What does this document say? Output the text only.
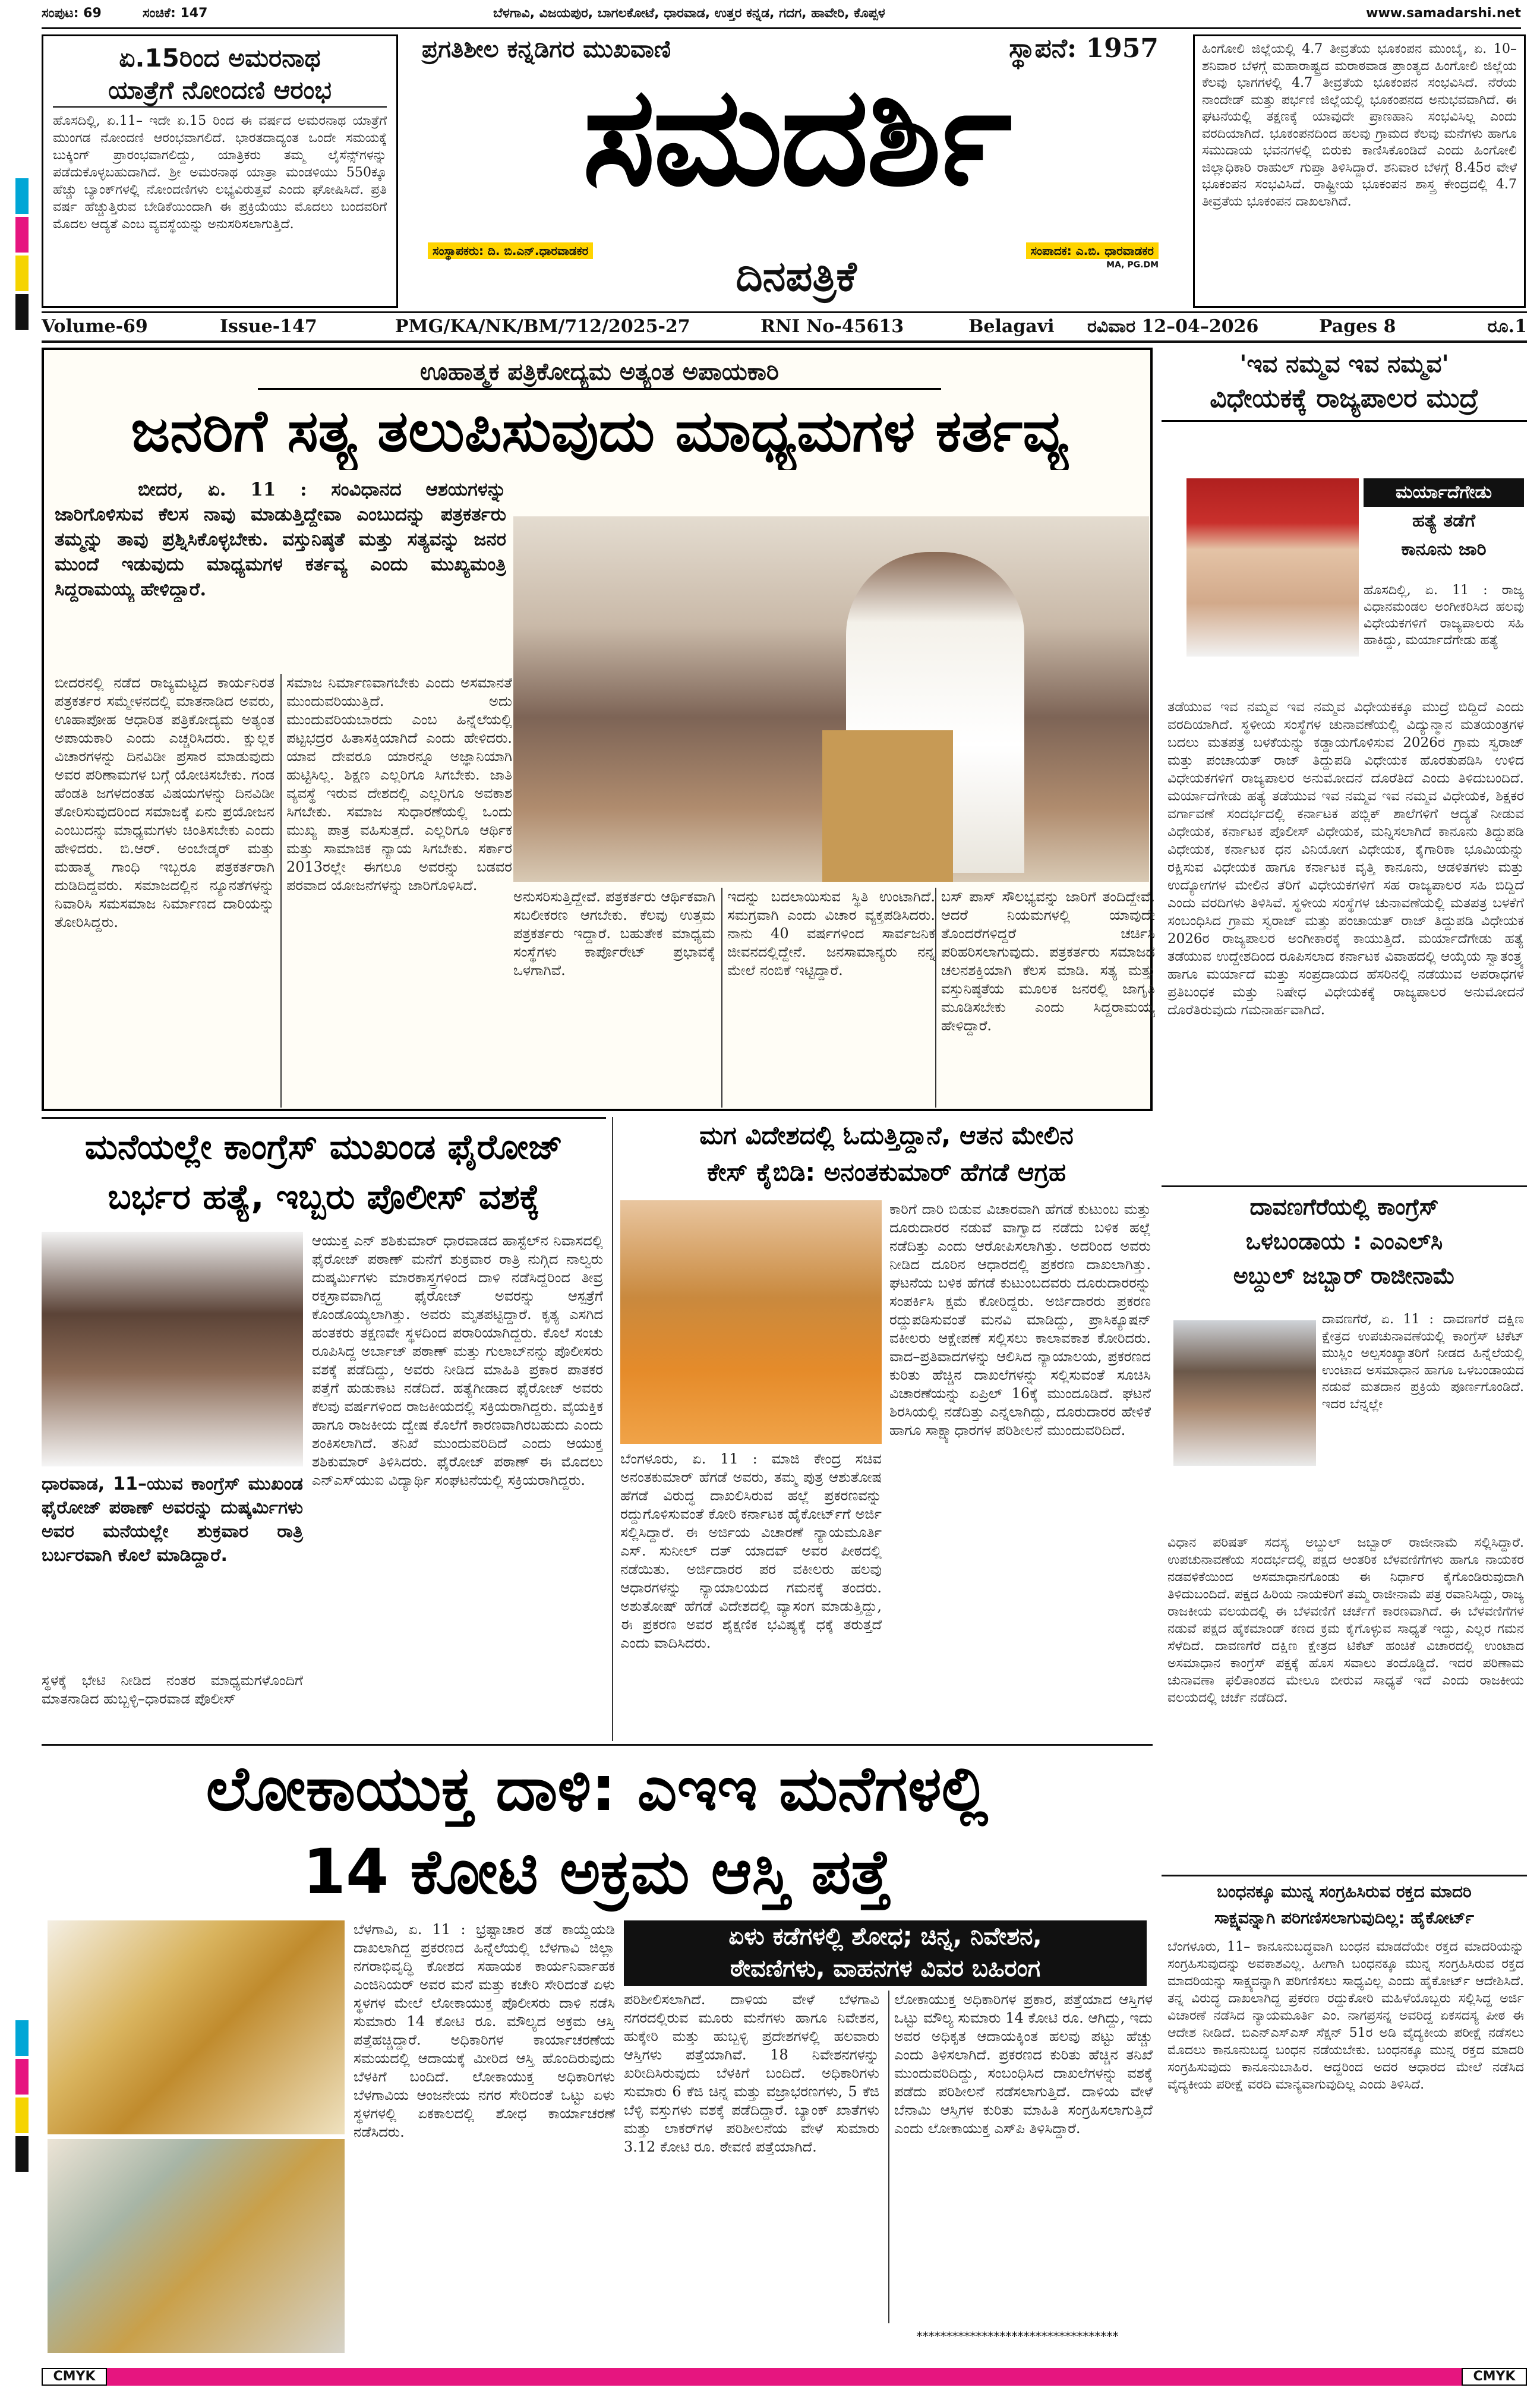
ಸಂಪುಟ: 69	ಸಂಚಿಕೆ: 147	ಬೆಳಗಾವಿ, ವಿಜಯಪುರ, ಬಾಗಲಕೋಟೆ, ಧಾರವಾಡ, ಉತ್ತರ ಕನ್ನಡ, ಗದಗ, ಹಾವೇರಿ, ಕೊಪ್ಪಳ	www.samadarshi.net
ಏ.15ರಿಂದ ಅಮರನಾಥ
ಯಾತ್ರೆಗೆ ನೋಂದಣಿ ಆರಂಭ
ಹೊಸದಿಲ್ಲಿ, ಏ.11– ಇದೇ ಏ.15 ರಿಂದ ಈ ವರ್ಷದ ಅಮರನಾಥ ಯಾತ್ರೆಗೆ ಮುಂಗಡ ನೋಂದಣಿ ಆರಂಭವಾಗಲಿದೆ. ಭಾರತದಾದ್ಯಂತ ಒಂದೇ ಸಮಯಕ್ಕೆ ಬುಕ್ಕಿಂಗ್ ಪ್ರಾರಂಭವಾಗಲಿದ್ದು, ಯಾತ್ರಿಕರು ತಮ್ಮ ಲೈಸೆನ್ಸ್‌ಗಳನ್ನು ಪಡೆದುಕೊಳ್ಳಬಹುದಾಗಿದೆ. ಶ್ರೀ ಅಮರನಾಥ ಯಾತ್ರಾ ಮಂಡಳಿಯು 550ಕ್ಕೂ ಹೆಚ್ಚು ಬ್ಯಾಂಕ್‌ಗಳಲ್ಲಿ ನೋಂದಣಿಗಳು ಲಭ್ಯವಿರುತ್ತವೆ ಎಂದು ಘೋಷಿಸಿದೆ. ಪ್ರತಿ ವರ್ಷ ಹೆಚ್ಚುತ್ತಿರುವ ಬೇಡಿಕೆಯಿಂದಾಗಿ ಈ ಪ್ರಕ್ರಿಯೆಯು ಮೊದಲು ಬಂದವರಿಗೆ ಮೊದಲ ಆದ್ಯತೆ ಎಂಬ ವ್ಯವಸ್ಥೆಯನ್ನು ಅನುಸರಿಸಲಾಗುತ್ತಿದೆ.
ಪ್ರಗತಿಶೀಲ ಕನ್ನಡಿಗರ ಮುಖವಾಣಿ	ಸ್ಥಾಪನೆ: 1957
ಸಮದರ್ಶಿ
ಸಂಸ್ಥಾಪಕರು: ದಿ. ಬಿ.ಎನ್.ಧಾರವಾಡಕರ	ಸಂಪಾದಕ: ಎ.ಬಿ. ಧಾರವಾಡಕರ
MA, PG.DM
ದಿನಪತ್ರಿಕೆ
ಹಿಂಗೋಲಿ ಜಿಲ್ಲೆಯಲ್ಲಿ 4.7 ತೀವ್ರತೆಯ ಭೂಕಂಪನ ಮುಂಬೈ, ಏ. 10– ಶನಿವಾರ ಬೆಳಗ್ಗೆ ಮಹಾರಾಷ್ಟ್ರದ ಮರಾಠವಾಡ ಪ್ರಾಂತ್ಯದ ಹಿಂಗೋಲಿ ಜಿಲ್ಲೆಯ ಕೆಲವು ಭಾಗಗಳಲ್ಲಿ 4.7 ತೀವ್ರತೆಯ ಭೂಕಂಪನ ಸಂಭವಿಸಿದೆ. ನೆರೆಯ ನಾಂದೇಡ್ ಮತ್ತು ಪರ್ಭಣಿ ಜಿಲ್ಲೆಯಲ್ಲಿ ಭೂಕಂಪನದ ಅನುಭವವಾಗಿದೆ. ಈ ಘಟನೆಯಲ್ಲಿ ತಕ್ಷಣಕ್ಕೆ ಯಾವುದೇ ಪ್ರಾಣಹಾನಿ ಸಂಭವಿಸಿಲ್ಲ ಎಂದು ವರದಿಯಾಗಿದೆ. ಭೂಕಂಪನದಿಂದ ಹಲವು ಗ್ರಾಮದ ಕೆಲವು ಮನೆಗಳು ಹಾಗೂ ಸಮುದಾಯ ಭವನಗಳಲ್ಲಿ ಬಿರುಕು ಕಾಣಿಸಿಕೊಂಡಿದೆ ಎಂದು ಹಿಂಗೋಲಿ ಜಿಲ್ಲಾಧಿಕಾರಿ ರಾಹುಲ್ ಗುಪ್ತಾ ತಿಳಿಸಿದ್ದಾರೆ. ಶನಿವಾರ ಬೆಳಗ್ಗೆ 8.45ರ ವೇಳೆ ಭೂಕಂಪನ ಸಂಭವಿಸಿದೆ. ರಾಷ್ಟ್ರೀಯ ಭೂಕಂಪನ ಶಾಸ್ತ್ರ ಕೇಂದ್ರದಲ್ಲಿ 4.7 ತೀವ್ರತೆಯ ಭೂಕಂಪನ ದಾಖಲಾಗಿದೆ.
Volume-69	Issue-147	PMG/KA/NK/BM/712/2025-27	RNI No-45613	Belagavi ರವಿವಾರ 12–04–2026	Pages 8	ರೂ.1
ಊಹಾತ್ಮಕ ಪತ್ರಿಕೋದ್ಯಮ ಅತ್ಯಂತ ಅಪಾಯಕಾರಿ
ಜನರಿಗೆ ಸತ್ಯ ತಲುಪಿಸುವುದು ಮಾಧ್ಯಮಗಳ ಕರ್ತವ್ಯ
ಬೀದರ, ಏ. 11 : ಸಂವಿಧಾನದ ಆಶಯಗಳನ್ನು ಜಾರಿಗೊಳಿಸುವ ಕೆಲಸ ನಾವು ಮಾಡುತ್ತಿದ್ದೇವಾ ಎಂಬುದನ್ನು ಪತ್ರಕರ್ತರು ತಮ್ಮನ್ನು ತಾವು ಪ್ರಶ್ನಿಸಿಕೊಳ್ಳಬೇಕು. ವಸ್ತುನಿಷ್ಠತೆ ಮತ್ತು ಸತ್ಯವನ್ನು ಜನರ ಮುಂದೆ ಇಡುವುದು ಮಾಧ್ಯಮಗಳ ಕರ್ತವ್ಯ ಎಂದು ಮುಖ್ಯಮಂತ್ರಿ ಸಿದ್ದರಾಮಯ್ಯ ಹೇಳಿದ್ದಾರೆ.
ಬೀದರನಲ್ಲಿ ನಡೆದ ರಾಜ್ಯಮಟ್ಟದ ಕಾರ್ಯನಿರತ ಪತ್ರಕರ್ತರ ಸಮ್ಮೇಳನದಲ್ಲಿ ಮಾತನಾಡಿದ ಅವರು, ಊಹಾಪೋಹ ಆಧಾರಿತ ಪತ್ರಿಕೋದ್ಯಮ ಅತ್ಯಂತ ಅಪಾಯಕಾರಿ ಎಂದು ಎಚ್ಚರಿಸಿದರು. ಕ್ಷುಲ್ಲಕ ವಿಚಾರಗಳನ್ನು ದಿನವಿಡೀ ಪ್ರಸಾರ ಮಾಡುವುದು ಅವರ ಪರಿಣಾಮಗಳ ಬಗ್ಗೆ ಯೋಚಿಸಬೇಕು. ಗಂಡ ಹೆಂಡತಿ ಜಗಳದಂತಹ ವಿಷಯಗಳನ್ನು ದಿನವಿಡೀ ತೋರಿಸುವುದರಿಂದ ಸಮಾಜಕ್ಕೆ ಏನು ಪ್ರಯೋಜನ ಎಂಬುದನ್ನು ಮಾಧ್ಯಮಗಳು ಚಿಂತಿಸಬೇಕು ಎಂದು ಹೇಳಿದರು. ಬಿ.ಆರ್. ಅಂಬೇಡ್ಕರ್ ಮತ್ತು ಮಹಾತ್ಮ ಗಾಂಧಿ ಇಬ್ಬರೂ ಪತ್ರಕರ್ತರಾಗಿ ದುಡಿದಿದ್ದವರು. ಸಮಾಜದಲ್ಲಿನ ನ್ಯೂನತೆಗಳನ್ನು ನಿವಾರಿಸಿ ಸಮಸಮಾಜ ನಿರ್ಮಾಣದ ದಾರಿಯನ್ನು ತೋರಿಸಿದ್ದರು.
ಸಮಾಜ ನಿರ್ಮಾಣವಾಗಬೇಕು ಎಂದು ಅಸಮಾನತೆ ಮುಂದುವರಿಯುತ್ತಿದೆ. ಅದು ಮುಂದುವರಿಯಬಾರದು ಎಂಬ ಹಿನ್ನೆಲೆಯಲ್ಲಿ ಪಟ್ಟಭದ್ರರ ಹಿತಾಸಕ್ತಿಯಾಗಿದೆ ಎಂದು ಹೇಳಿದರು. ಯಾವ ದೇವರೂ ಯಾರನ್ನೂ ಅಜ್ಞಾನಿಯಾಗಿ ಹುಟ್ಟಿಸಿಲ್ಲ. ಶಿಕ್ಷಣ ಎಲ್ಲರಿಗೂ ಸಿಗಬೇಕು. ಜಾತಿ ವ್ಯವಸ್ಥೆ ಇರುವ ದೇಶದಲ್ಲಿ ಎಲ್ಲರಿಗೂ ಅವಕಾಶ ಸಿಗಬೇಕು. ಸಮಾಜ ಸುಧಾರಣೆಯಲ್ಲಿ ಒಂದು ಮುಖ್ಯ ಪಾತ್ರ ವಹಿಸುತ್ತದೆ. ಎಲ್ಲರಿಗೂ ಆರ್ಥಿಕ ಮತ್ತು ಸಾಮಾಜಿಕ ನ್ಯಾಯ ಸಿಗಬೇಕು. ಸರ್ಕಾರ 2013ರಲ್ಲೇ ಈಗಲೂ ಅವರನ್ನು ಬಡವರ ಪರವಾದ ಯೋಜನೆಗಳನ್ನು ಜಾರಿಗೊಳಿಸಿದೆ.
ಅನುಸರಿಸುತ್ತಿದ್ದೇವೆ. ಪತ್ರಕರ್ತರು ಆರ್ಥಿಕವಾಗಿ ಸಬಲೀಕರಣ ಆಗಬೇಕು. ಕೆಲವು ಉತ್ತಮ ಪತ್ರಕರ್ತರು ಇದ್ದಾರೆ. ಬಹುತೇಕ ಮಾಧ್ಯಮ ಸಂಸ್ಥೆಗಳು ಕಾರ್ಪೊರೇಟ್ ಪ್ರಭಾವಕ್ಕೆ ಒಳಗಾಗಿವೆ.
ಇದನ್ನು ಬದಲಾಯಿಸುವ ಸ್ಥಿತಿ ಉಂಟಾಗಿದೆ. ಸಮಗ್ರವಾಗಿ ಎಂದು ವಿಚಾರ ವ್ಯಕ್ತಪಡಿಸಿದರು. ನಾನು 40 ವರ್ಷಗಳಿಂದ ಸಾರ್ವಜನಿಕ ಜೀವನದಲ್ಲಿದ್ದೇನೆ. ಜನಸಾಮಾನ್ಯರು ನನ್ನ ಮೇಲೆ ನಂಬಿಕೆ ಇಟ್ಟಿದ್ದಾರೆ.
ಬಸ್ ಪಾಸ್ ಸೌಲಭ್ಯವನ್ನು ಜಾರಿಗೆ ತಂದಿದ್ದೇವೆ. ಆದರೆ ನಿಯಮಗಳಲ್ಲಿ ಯಾವುದೇ ತೊಂದರೆಗಳಿದ್ದರೆ ಚರ್ಚಿಸಿ ಪರಿಹರಿಸಲಾಗುವುದು. ಪತ್ರಕರ್ತರು ಸಮಾಜದ ಚಲನಶಕ್ತಿಯಾಗಿ ಕೆಲಸ ಮಾಡಿ. ಸತ್ಯ ಮತ್ತು ವಸ್ತುನಿಷ್ಠತೆಯ ಮೂಲಕ ಜನರಲ್ಲಿ ಜಾಗೃತಿ ಮೂಡಿಸಬೇಕು ಎಂದು ಸಿದ್ದರಾಮಯ್ಯ ಹೇಳಿದ್ದಾರೆ.
'ಇವ ನಮ್ಮವ ಇವ ನಮ್ಮವ'
ವಿಧೇಯಕಕ್ಕೆ ರಾಜ್ಯಪಾಲರ ಮುದ್ರೆ
ಮರ್ಯಾದೆಗೇಡು
ಹತ್ಯೆ ತಡೆಗೆ
ಕಾನೂನು ಜಾರಿ
ಹೊಸದಿಲ್ಲಿ, ಏ. 11 : ರಾಜ್ಯ ವಿಧಾನಮಂಡಲ ಅಂಗೀಕರಿಸಿದ ಹಲವು ವಿಧೇಯಕಗಳಿಗೆ ರಾಜ್ಯಪಾಲರು ಸಹಿ ಹಾಕಿದ್ದು, ಮರ್ಯಾದೆಗೇಡು ಹತ್ಯೆ
ತಡೆಯುವ ಇವ ನಮ್ಮವ ಇವ ನಮ್ಮವ ವಿಧೇಯಕಕ್ಕೂ ಮುದ್ರೆ ಬಿದ್ದಿದೆ ಎಂದು ವರದಿಯಾಗಿದೆ. ಸ್ಥಳೀಯ ಸಂಸ್ಥೆಗಳ ಚುನಾವಣೆಯಲ್ಲಿ ವಿದ್ಯುನ್ಮಾನ ಮತಯಂತ್ರಗಳ ಬದಲು ಮತಪತ್ರ ಬಳಕೆಯನ್ನು ಕಡ್ಡಾಯಗೊಳಿಸುವ 2026ರ ಗ್ರಾಮ ಸ್ವರಾಜ್ ಮತ್ತು ಪಂಚಾಯತ್ ರಾಜ್ ತಿದ್ದುಪಡಿ ವಿಧೇಯಕ ಹೊರತುಪಡಿಸಿ ಉಳಿದ ವಿಧೇಯಕಗಳಿಗೆ ರಾಜ್ಯಪಾಲರ ಅನುಮೋದನೆ ದೊರೆತಿದೆ ಎಂದು ತಿಳಿದುಬಂದಿದೆ. ಮರ್ಯಾದೆಗೇಡು ಹತ್ಯೆ ತಡೆಯುವ ಇವ ನಮ್ಮವ ಇವ ನಮ್ಮವ ವಿಧೇಯಕ, ಶಿಕ್ಷಕರ ವರ್ಗಾವಣೆ ಸಂದರ್ಭದಲ್ಲಿ ಕರ್ನಾಟಕ ಪಬ್ಲಿಕ್ ಶಾಲೆಗಳಿಗೆ ಆದ್ಯತೆ ನೀಡುವ ವಿಧೇಯಕ, ಕರ್ನಾಟಕ ಪೊಲೀಸ್ ವಿಧೇಯಕ, ಮನ್ನಿಸಲಾಗಿದೆ ಕಾನೂನು ತಿದ್ದುಪಡಿ ವಿಧೇಯಕ, ಕರ್ನಾಟಕ ಧನ ವಿನಿಯೋಗ ವಿಧೇಯಕ, ಕೈಗಾರಿಕಾ ಭೂಮಿಯನ್ನು ರಕ್ಷಿಸುವ ವಿಧೇಯಕ ಹಾಗೂ ಕರ್ನಾಟಕ ವೃತ್ತಿ ಕಾನೂನು, ಆಡಳಿತಗಳು ಮತ್ತು ಉದ್ಯೋಗಗಳ ಮೇಲಿನ ತೆರಿಗೆ ವಿಧೇಯಕಗಳಿಗೆ ಸಹ ರಾಜ್ಯಪಾಲರ ಸಹಿ ಬಿದ್ದಿದೆ ಎಂದು ವರದಿಗಳು ತಿಳಿಸಿವೆ. ಸ್ಥಳೀಯ ಸಂಸ್ಥೆಗಳ ಚುನಾವಣೆಯಲ್ಲಿ ಮತಪತ್ರ ಬಳಕೆಗೆ ಸಂಬಂಧಿಸಿದ ಗ್ರಾಮ ಸ್ವರಾಜ್ ಮತ್ತು ಪಂಚಾಯತ್ ರಾಜ್ ತಿದ್ದುಪಡಿ ವಿಧೇಯಕ 2026ರ ರಾಜ್ಯಪಾಲರ ಅಂಗೀಕಾರಕ್ಕೆ ಕಾಯುತ್ತಿದೆ. ಮರ್ಯಾದೆಗೇಡು ಹತ್ಯೆ ತಡೆಯುವ ಉದ್ದೇಶದಿಂದ ರೂಪಿಸಲಾದ ಕರ್ನಾಟಕ ವಿವಾಹದಲ್ಲಿ ಆಯ್ಕೆಯ ಸ್ವಾತಂತ್ರ್ಯ ಹಾಗೂ ಮರ್ಯಾದೆ ಮತ್ತು ಸಂಪ್ರದಾಯದ ಹೆಸರಿನಲ್ಲಿ ನಡೆಯುವ ಅಪರಾಧಗಳ ಪ್ರತಿಬಂಧಕ ಮತ್ತು ನಿಷೇಧ ವಿಧೇಯಕಕ್ಕೆ ರಾಜ್ಯಪಾಲರ ಅನುಮೋದನೆ ದೊರೆತಿರುವುದು ಗಮನಾರ್ಹವಾಗಿದೆ.
ಮನೆಯಲ್ಲೇ ಕಾಂಗ್ರೆಸ್ ಮುಖಂಡ ಫೈರೋಜ್
ಬರ್ಭರ ಹತ್ಯೆ, ಇಬ್ಬರು ಪೊಲೀಸ್ ವಶಕ್ಕೆ
ಧಾರವಾಡ, 11–ಯುವ ಕಾಂಗ್ರೆಸ್ ಮುಖಂಡ ಫೈರೋಜ್ ಪಠಾಣ್ ಅವರನ್ನು ದುಷ್ಕರ್ಮಿಗಳು ಅವರ ಮನೆಯಲ್ಲೇ ಶುಕ್ರವಾರ ರಾತ್ರಿ ಬರ್ಬರವಾಗಿ ಕೊಲೆ ಮಾಡಿದ್ದಾರೆ.
ಸ್ಥಳಕ್ಕೆ ಭೇಟಿ ನೀಡಿದ ನಂತರ ಮಾಧ್ಯಮಗಳೊಂದಿಗೆ ಮಾತನಾಡಿದ ಹುಬ್ಬಳ್ಳಿ–ಧಾರವಾಡ ಪೊಲೀಸ್
ಆಯುಕ್ತ ಎನ್ ಶಶಿಕುಮಾರ್ ಧಾರವಾಡದ ಹಾಸ್ಟೆಲ್‌ನ ನಿವಾಸದಲ್ಲಿ ಫೈರೋಜ್ ಪಠಾಣ್ ಮನೆಗೆ ಶುಕ್ರವಾರ ರಾತ್ರಿ ನುಗ್ಗಿದ ನಾಲ್ವರು ದುಷ್ಕರ್ಮಿಗಳು ಮಾರಕಾಸ್ತ್ರಗಳಿಂದ ದಾಳಿ ನಡೆಸಿದ್ದರಿಂದ ತೀವ್ರ ರಕ್ತಸ್ರಾವವಾಗಿದ್ದ ಫೈರೋಜ್ ಅವರನ್ನು ಆಸ್ಪತ್ರೆಗೆ ಕೊಂಡೊಯ್ಯಲಾಗಿತ್ತು. ಅವರು ಮೃತಪಟ್ಟಿದ್ದಾರೆ. ಕೃತ್ಯ ಎಸಗಿದ ಹಂತಕರು ತಕ್ಷಣವೇ ಸ್ಥಳದಿಂದ ಪರಾರಿಯಾಗಿದ್ದರು. ಕೊಲೆ ಸಂಚು ರೂಪಿಸಿದ್ದ ಅರ್ಬಾಜ್ ಪಠಾಣ್ ಮತ್ತು ಗುಲಾಬ್‌ನನ್ನು ಪೊಲೀಸರು ವಶಕ್ಕೆ ಪಡೆದಿದ್ದು, ಅವರು ನೀಡಿದ ಮಾಹಿತಿ ಪ್ರಕಾರ ಪಾತಕರ ಪತ್ತೆಗೆ ಹುಡುಕಾಟ ನಡೆದಿದೆ. ಹತ್ಯೆಗೀಡಾದ ಫೈರೋಜ್ ಅವರು ಕೆಲವು ವರ್ಷಗಳಿಂದ ರಾಜಕೀಯದಲ್ಲಿ ಸಕ್ರಿಯರಾಗಿದ್ದರು. ವೈಯಕ್ತಿಕ ಹಾಗೂ ರಾಜಕೀಯ ದ್ವೇಷ ಕೊಲೆಗೆ ಕಾರಣವಾಗಿರಬಹುದು ಎಂದು ಶಂಕಿಸಲಾಗಿದೆ. ತನಿಖೆ ಮುಂದುವರಿದಿದೆ ಎಂದು ಆಯುಕ್ತ ಶಶಿಕುಮಾರ್ ತಿಳಿಸಿದರು. ಫೈರೋಜ್ ಪಠಾಣ್ ಈ ಮೊದಲು ಎನ್‌ಎಸ್‌ಯುಐ ವಿದ್ಯಾರ್ಥಿ ಸಂಘಟನೆಯಲ್ಲಿ ಸಕ್ರಿಯರಾಗಿದ್ದರು.
ಮಗ ವಿದೇಶದಲ್ಲಿ ಓದುತ್ತಿದ್ದಾನೆ, ಆತನ ಮೇಲಿನ
ಕೇಸ್ ಕೈಬಿಡಿ: ಅನಂತಕುಮಾರ್ ಹೆಗಡೆ ಆಗ್ರಹ
ಬೆಂಗಳೂರು, ಏ. 11 : ಮಾಜಿ ಕೇಂದ್ರ ಸಚಿವ ಅನಂತಕುಮಾರ್ ಹೆಗಡೆ ಅವರು, ತಮ್ಮ ಪುತ್ರ ಆಶುತೋಷ ಹೆಗಡೆ ವಿರುದ್ಧ ದಾಖಲಿಸಿರುವ ಹಲ್ಲೆ ಪ್ರಕರಣವನ್ನು ರದ್ದುಗೊಳಿಸುವಂತೆ ಕೋರಿ ಕರ್ನಾಟಕ ಹೈಕೋರ್ಟ್‌ಗೆ ಅರ್ಜಿ ಸಲ್ಲಿಸಿದ್ದಾರೆ. ಈ ಅರ್ಜಿಯ ವಿಚಾರಣೆ ನ್ಯಾಯಮೂರ್ತಿ ಎಸ್. ಸುನೀಲ್ ದತ್ ಯಾದವ್ ಅವರ ಪೀಠದಲ್ಲಿ ನಡೆಯಿತು. ಅರ್ಜಿದಾರರ ಪರ ವಕೀಲರು ಹಲವು ಆಧಾರಗಳನ್ನು ನ್ಯಾಯಾಲಯದ ಗಮನಕ್ಕೆ ತಂದರು. ಅಶುತೋಷ್ ಹೆಗಡೆ ವಿದೇಶದಲ್ಲಿ ವ್ಯಾಸಂಗ ಮಾಡುತ್ತಿದ್ದು, ಈ ಪ್ರಕರಣ ಅವರ ಶೈಕ್ಷಣಿಕ ಭವಿಷ್ಯಕ್ಕೆ ಧಕ್ಕೆ ತರುತ್ತದೆ ಎಂದು ವಾದಿಸಿದರು.
ಕಾರಿಗೆ ದಾರಿ ಬಿಡುವ ವಿಚಾರವಾಗಿ ಹೆಗಡೆ ಕುಟುಂಬ ಮತ್ತು ದೂರುದಾರರ ನಡುವೆ ವಾಗ್ವಾದ ನಡೆದು ಬಳಿಕ ಹಲ್ಲೆ ನಡೆದಿತ್ತು ಎಂದು ಆರೋಪಿಸಲಾಗಿತ್ತು. ಅದರಿಂದ ಅವರು ನೀಡಿದ ದೂರಿನ ಆಧಾರದಲ್ಲಿ ಪ್ರಕರಣ ದಾಖಲಾಗಿತ್ತು. ಘಟನೆಯ ಬಳಿಕ ಹೆಗಡೆ ಕುಟುಂಬದವರು ದೂರುದಾರರನ್ನು ಸಂಪರ್ಕಿಸಿ ಕ್ಷಮೆ ಕೋರಿದ್ದರು. ಅರ್ಜಿದಾರರು ಪ್ರಕರಣ ರದ್ದುಪಡಿಸುವಂತೆ ಮನವಿ ಮಾಡಿದ್ದು, ಪ್ರಾಸಿಕ್ಯೂಷನ್ ವಕೀಲರು ಆಕ್ಷೇಪಣೆ ಸಲ್ಲಿಸಲು ಕಾಲಾವಕಾಶ ಕೋರಿದರು. ವಾದ–ಪ್ರತಿವಾದಗಳನ್ನು ಆಲಿಸಿದ ನ್ಯಾಯಾಲಯ, ಪ್ರಕರಣದ ಕುರಿತು ಹೆಚ್ಚಿನ ದಾಖಲೆಗಳನ್ನು ಸಲ್ಲಿಸುವಂತೆ ಸೂಚಿಸಿ ವಿಚಾರಣೆಯನ್ನು ಏಪ್ರಿಲ್ 16ಕ್ಕೆ ಮುಂದೂಡಿದೆ. ಘಟನೆ ಶಿರಸಿಯಲ್ಲಿ ನಡೆದಿತ್ತು ಎನ್ನಲಾಗಿದ್ದು, ದೂರುದಾರರ ಹೇಳಿಕೆ ಹಾಗೂ ಸಾಕ್ಷ್ಯಾಧಾರಗಳ ಪರಿಶೀಲನೆ ಮುಂದುವರಿದಿದೆ.
ದಾವಣಗೆರೆಯಲ್ಲಿ ಕಾಂಗ್ರೆಸ್
ಒಳಬಂಡಾಯ : ಎಂಎಲ್‌ಸಿ
ಅಬ್ದುಲ್ ಜಬ್ಬಾರ್ ರಾಜೀನಾಮೆ
ದಾವಣಗೆರೆ, ಏ. 11 : ದಾವಣಗೆರೆ ದಕ್ಷಿಣ ಕ್ಷೇತ್ರದ ಉಪಚುನಾವಣೆಯಲ್ಲಿ ಕಾಂಗ್ರೆಸ್ ಟಿಕೆಟ್ ಮುಸ್ಲಿಂ ಅಲ್ಪಸಂಖ್ಯಾತರಿಗೆ ನೀಡದ ಹಿನ್ನೆಲೆಯಲ್ಲಿ ಉಂಟಾದ ಅಸಮಾಧಾನ ಹಾಗೂ ಒಳಬಂಡಾಯದ ನಡುವೆ ಮತದಾನ ಪ್ರಕ್ರಿಯೆ ಪೂರ್ಣಗೊಂಡಿದೆ. ಇದರ ಬೆನ್ನಲ್ಲೇ
ವಿಧಾನ ಪರಿಷತ್ ಸದಸ್ಯ ಅಬ್ದುಲ್ ಜಬ್ಬಾರ್ ರಾಜೀನಾಮೆ ಸಲ್ಲಿಸಿದ್ದಾರೆ. ಉಪಚುನಾವಣೆಯ ಸಂದರ್ಭದಲ್ಲಿ ಪಕ್ಷದ ಆಂತರಿಕ ಬೆಳವಣಿಗೆಗಳು ಹಾಗೂ ನಾಯಕರ ನಡವಳಿಕೆಯಿಂದ ಅಸಮಾಧಾನಗೊಂಡು ಈ ನಿರ್ಧಾರ ಕೈಗೊಂಡಿರುವುದಾಗಿ ತಿಳಿದುಬಂದಿದೆ. ಪಕ್ಷದ ಹಿರಿಯ ನಾಯಕರಿಗೆ ತಮ್ಮ ರಾಜೀನಾಮೆ ಪತ್ರ ರವಾನಿಸಿದ್ದು, ರಾಜ್ಯ ರಾಜಕೀಯ ವಲಯದಲ್ಲಿ ಈ ಬೆಳವಣಿಗೆ ಚರ್ಚೆಗೆ ಕಾರಣವಾಗಿದೆ. ಈ ಬೆಳವಣಿಗೆಗಳ ನಡುವೆ ಪಕ್ಷದ ಹೈಕಮಾಂಡ್ ಕಣದ ಕ್ರಮ ಕೈಗೊಳ್ಳುವ ಸಾಧ್ಯತೆ ಇದ್ದು, ಎಲ್ಲರ ಗಮನ ಸೆಳೆದಿದೆ. ದಾವಣಗೆರೆ ದಕ್ಷಿಣ ಕ್ಷೇತ್ರದ ಟಿಕೆಟ್ ಹಂಚಿಕೆ ವಿಚಾರದಲ್ಲಿ ಉಂಟಾದ ಅಸಮಾಧಾನ ಕಾಂಗ್ರೆಸ್ ಪಕ್ಷಕ್ಕೆ ಹೊಸ ಸವಾಲು ತಂದೊಡ್ಡಿದೆ. ಇದರ ಪರಿಣಾಮ ಚುನಾವಣಾ ಫಲಿತಾಂಶದ ಮೇಲೂ ಬೀರುವ ಸಾಧ್ಯತೆ ಇದೆ ಎಂದು ರಾಜಕೀಯ ವಲಯದಲ್ಲಿ ಚರ್ಚೆ ನಡೆದಿದೆ.
ಲೋಕಾಯುಕ್ತ ದಾಳಿ: ಎಇಇ ಮನೆಗಳಲ್ಲಿ
14 ಕೋಟಿ ಅಕ್ರಮ ಆಸ್ತಿ ಪತ್ತೆ
ಬೆಳಗಾವಿ, ಏ. 11 : ಭ್ರಷ್ಟಾಚಾರ ತಡೆ ಕಾಯ್ದೆಯಡಿ ದಾಖಲಾಗಿದ್ದ ಪ್ರಕರಣದ ಹಿನ್ನೆಲೆಯಲ್ಲಿ ಬೆಳಗಾವಿ ಜಿಲ್ಲಾ ನಗರಾಭಿವೃದ್ಧಿ ಕೋಶದ ಸಹಾಯಕ ಕಾರ್ಯನಿರ್ವಾಹಕ ಎಂಜಿನಿಯರ್ ಅವರ ಮನೆ ಮತ್ತು ಕಚೇರಿ ಸೇರಿದಂತೆ ಏಳು ಸ್ಥಳಗಳ ಮೇಲೆ ಲೋಕಾಯುಕ್ತ ಪೊಲೀಸರು ದಾಳಿ ನಡೆಸಿ ಸುಮಾರು 14 ಕೋಟಿ ರೂ. ಮೌಲ್ಯದ ಅಕ್ರಮ ಆಸ್ತಿ ಪತ್ತೆಹಚ್ಚಿದ್ದಾರೆ. ಅಧಿಕಾರಿಗಳ ಕಾರ್ಯಾಚರಣೆಯ ಸಮಯದಲ್ಲಿ ಆದಾಯಕ್ಕೆ ಮೀರಿದ ಆಸ್ತಿ ಹೊಂದಿರುವುದು ಬೆಳಕಿಗೆ ಬಂದಿದೆ. ಲೋಕಾಯುಕ್ತ ಅಧಿಕಾರಿಗಳು ಬೆಳಗಾವಿಯ ಆಂಜನೇಯ ನಗರ ಸೇರಿದಂತೆ ಒಟ್ಟು ಏಳು ಸ್ಥಳಗಳಲ್ಲಿ ಏಕಕಾಲದಲ್ಲಿ ಶೋಧ ಕಾರ್ಯಾಚರಣೆ ನಡೆಸಿದರು.
ಏಳು ಕಡೆಗಳಲ್ಲಿ ಶೋಧ; ಚಿನ್ನ, ನಿವೇಶನ,
ಠೇವಣಿಗಳು, ವಾಹನಗಳ ವಿವರ ಬಹಿರಂಗ
ಪರಿಶೀಲಿಸಲಾಗಿದೆ. ದಾಳಿಯ ವೇಳೆ ಬೆಳಗಾವಿ ನಗರದಲ್ಲಿರುವ ಮೂರು ಮನೆಗಳು ಹಾಗೂ ನಿವೇಶನ, ಹುಕ್ಕೇರಿ ಮತ್ತು ಹುಬ್ಬಳ್ಳಿ ಪ್ರದೇಶಗಳಲ್ಲಿ ಹಲವಾರು ಆಸ್ತಿಗಳು ಪತ್ತೆಯಾಗಿವೆ. 18 ನಿವೇಶನಗಳನ್ನು ಖರೀದಿಸಿರುವುದು ಬೆಳಕಿಗೆ ಬಂದಿದೆ. ಅಧಿಕಾರಿಗಳು ಸುಮಾರು 6 ಕೆಜಿ ಚಿನ್ನ ಮತ್ತು ವಜ್ರಾಭರಣಗಳು, 5 ಕೆಜಿ ಬೆಳ್ಳಿ ವಸ್ತುಗಳು ವಶಕ್ಕೆ ಪಡೆದಿದ್ದಾರೆ. ಬ್ಯಾಂಕ್ ಖಾತೆಗಳು ಮತ್ತು ಲಾಕರ್‌ಗಳ ಪರಿಶೀಲನೆಯ ವೇಳೆ ಸುಮಾರು 3.12 ಕೋಟಿ ರೂ. ಠೇವಣಿ ಪತ್ತೆಯಾಗಿದೆ.
ಲೋಕಾಯುಕ್ತ ಅಧಿಕಾರಿಗಳ ಪ್ರಕಾರ, ಪತ್ತೆಯಾದ ಆಸ್ತಿಗಳ ಒಟ್ಟು ಮೌಲ್ಯ ಸುಮಾರು 14 ಕೋಟಿ ರೂ. ಆಗಿದ್ದು, ಇದು ಅವರ ಅಧಿಕೃತ ಆದಾಯಕ್ಕಿಂತ ಹಲವು ಪಟ್ಟು ಹೆಚ್ಚು ಎಂದು ತಿಳಿಸಲಾಗಿದೆ. ಪ್ರಕರಣದ ಕುರಿತು ಹೆಚ್ಚಿನ ತನಿಖೆ ಮುಂದುವರಿದಿದ್ದು, ಸಂಬಂಧಿಸಿದ ದಾಖಲೆಗಳನ್ನು ವಶಕ್ಕೆ ಪಡೆದು ಪರಿಶೀಲನೆ ನಡೆಸಲಾಗುತ್ತಿದೆ. ದಾಳಿಯ ವೇಳೆ ಬೆನಾಮಿ ಆಸ್ತಿಗಳ ಕುರಿತು ಮಾಹಿತಿ ಸಂಗ್ರಹಿಸಲಾಗುತ್ತಿದೆ ಎಂದು ಲೋಕಾಯುಕ್ತ ಎಸ್‌ಪಿ ತಿಳಿಸಿದ್ದಾರೆ.
**********************************
ಬಂಧನಕ್ಕೂ ಮುನ್ನ ಸಂಗ್ರಹಿಸಿರುವ ರಕ್ತದ ಮಾದರಿ
ಸಾಕ್ಷ್ಯವನ್ನಾಗಿ ಪರಿಗಣಿಸಲಾಗುವುದಿಲ್ಲ: ಹೈಕೋರ್ಟ್
ಬೆಂಗಳೂರು, 11– ಕಾನೂನುಬದ್ಧವಾಗಿ ಬಂಧನ ಮಾಡದೆಯೇ ರಕ್ತದ ಮಾದರಿಯನ್ನು ಸಂಗ್ರಹಿಸುವುದನ್ನು ಅವಕಾಶವಿಲ್ಲ. ಹೀಗಾಗಿ ಬಂಧನಕ್ಕೂ ಮುನ್ನ ಸಂಗ್ರಹಿಸಿರುವ ರಕ್ತದ ಮಾದರಿಯನ್ನು ಸಾಕ್ಷ್ಯವನ್ನಾಗಿ ಪರಿಗಣಿಸಲು ಸಾಧ್ಯವಿಲ್ಲ ಎಂದು ಹೈಕೋರ್ಟ್ ಆದೇಶಿಸಿದೆ. ತನ್ನ ವಿರುದ್ಧ ದಾಖಲಾಗಿದ್ದ ಪ್ರಕರಣ ರದ್ದುಕೋರಿ ಮಹಿಳೆಯೊಬ್ಬರು ಸಲ್ಲಿಸಿದ್ದ ಅರ್ಜಿ ವಿಚಾರಣೆ ನಡೆಸಿದ ನ್ಯಾಯಮೂರ್ತಿ ಎಂ. ನಾಗಪ್ರಸನ್ನ ಅವರಿದ್ದ ಏಕಸದಸ್ಯ ಪೀಠ ಈ ಆದೇಶ ನೀಡಿದೆ. ಬಿಎನ್‌ಎಸ್‌ಎಸ್ ಸೆಕ್ಷನ್ 51ರ ಅಡಿ ವೈದ್ಯಕೀಯ ಪರೀಕ್ಷೆ ನಡೆಸಲು ಮೊದಲು ಕಾನೂನುಬದ್ಧ ಬಂಧನ ನಡೆಯಬೇಕು. ಬಂಧನಕ್ಕೂ ಮುನ್ನ ರಕ್ತದ ಮಾದರಿ ಸಂಗ್ರಹಿಸುವುದು ಕಾನೂನುಬಾಹಿರ. ಆದ್ದರಿಂದ ಅದರ ಆಧಾರದ ಮೇಲೆ ನಡೆಸಿದ ವೈದ್ಯಕೀಯ ಪರೀಕ್ಷೆ ವರದಿ ಮಾನ್ಯವಾಗುವುದಿಲ್ಲ ಎಂದು ತಿಳಿಸಿದೆ.
CMYK	CMYK
